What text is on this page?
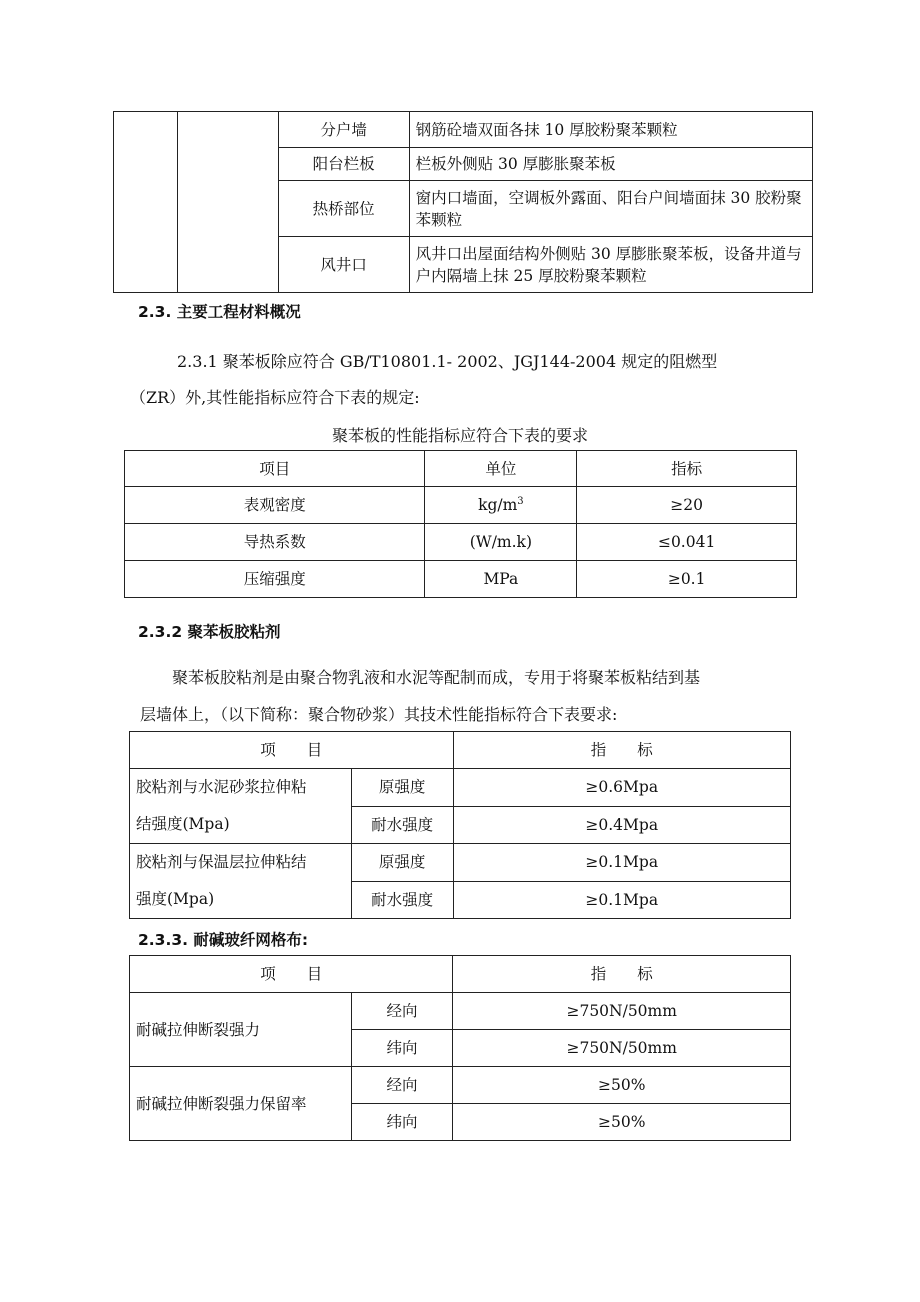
		分户墙	钢筋砼墙双面各抹 10 厚胶粉聚苯颗粒
		阳台栏板	栏板外侧贴 30 厚膨胀聚苯板
		热桥部位	窗内口墙面，空调板外露面、阳台户间墙面抹 30 胶粉聚苯颗粒
		风井口	风井口出屋面结构外侧贴 30 厚膨胀聚苯板，设备井道与户内隔墙上抹 25 厚胶粉聚苯颗粒
2.3. 主要工程材料概况
2.3.1 聚苯板除应符合 GB/T10801.1- 2002、JGJ144-2004 规定的阻燃型
（ZR）外,其性能指标应符合下表的规定:
聚苯板的性能指标应符合下表的要求
项目	单位	指标
表观密度	$kg/m^3$	≥20
导热系数	(W/m.k)	≤0.041
压缩强度	MPa	≥0.1
2.3.2 聚苯板胶粘剂
聚苯板胶粘剂是由聚合物乳液和水泥等配制而成，专用于将聚苯板粘结到基
层墙体上，（以下简称：聚合物砂浆）其技术性能指标符合下表要求:
项　　目		指　　标

胶粘剂与水泥砂浆拉伸粘
结强度(Mpa)	原强度	≥0.6Mpa
	耐水强度	≥0.4Mpa

胶粘剂与保温层拉伸粘结
强度(Mpa)	原强度	≥0.1Mpa
	耐水强度	≥0.1Mpa
2.3.3. 耐碱玻纤网格布:
项　　目		指　　标
耐碱拉伸断裂强力	经向	≥750N/50mm
	纬向	≥750N/50mm
耐碱拉伸断裂强力保留率	经向	≥50%
	纬向	≥50%
